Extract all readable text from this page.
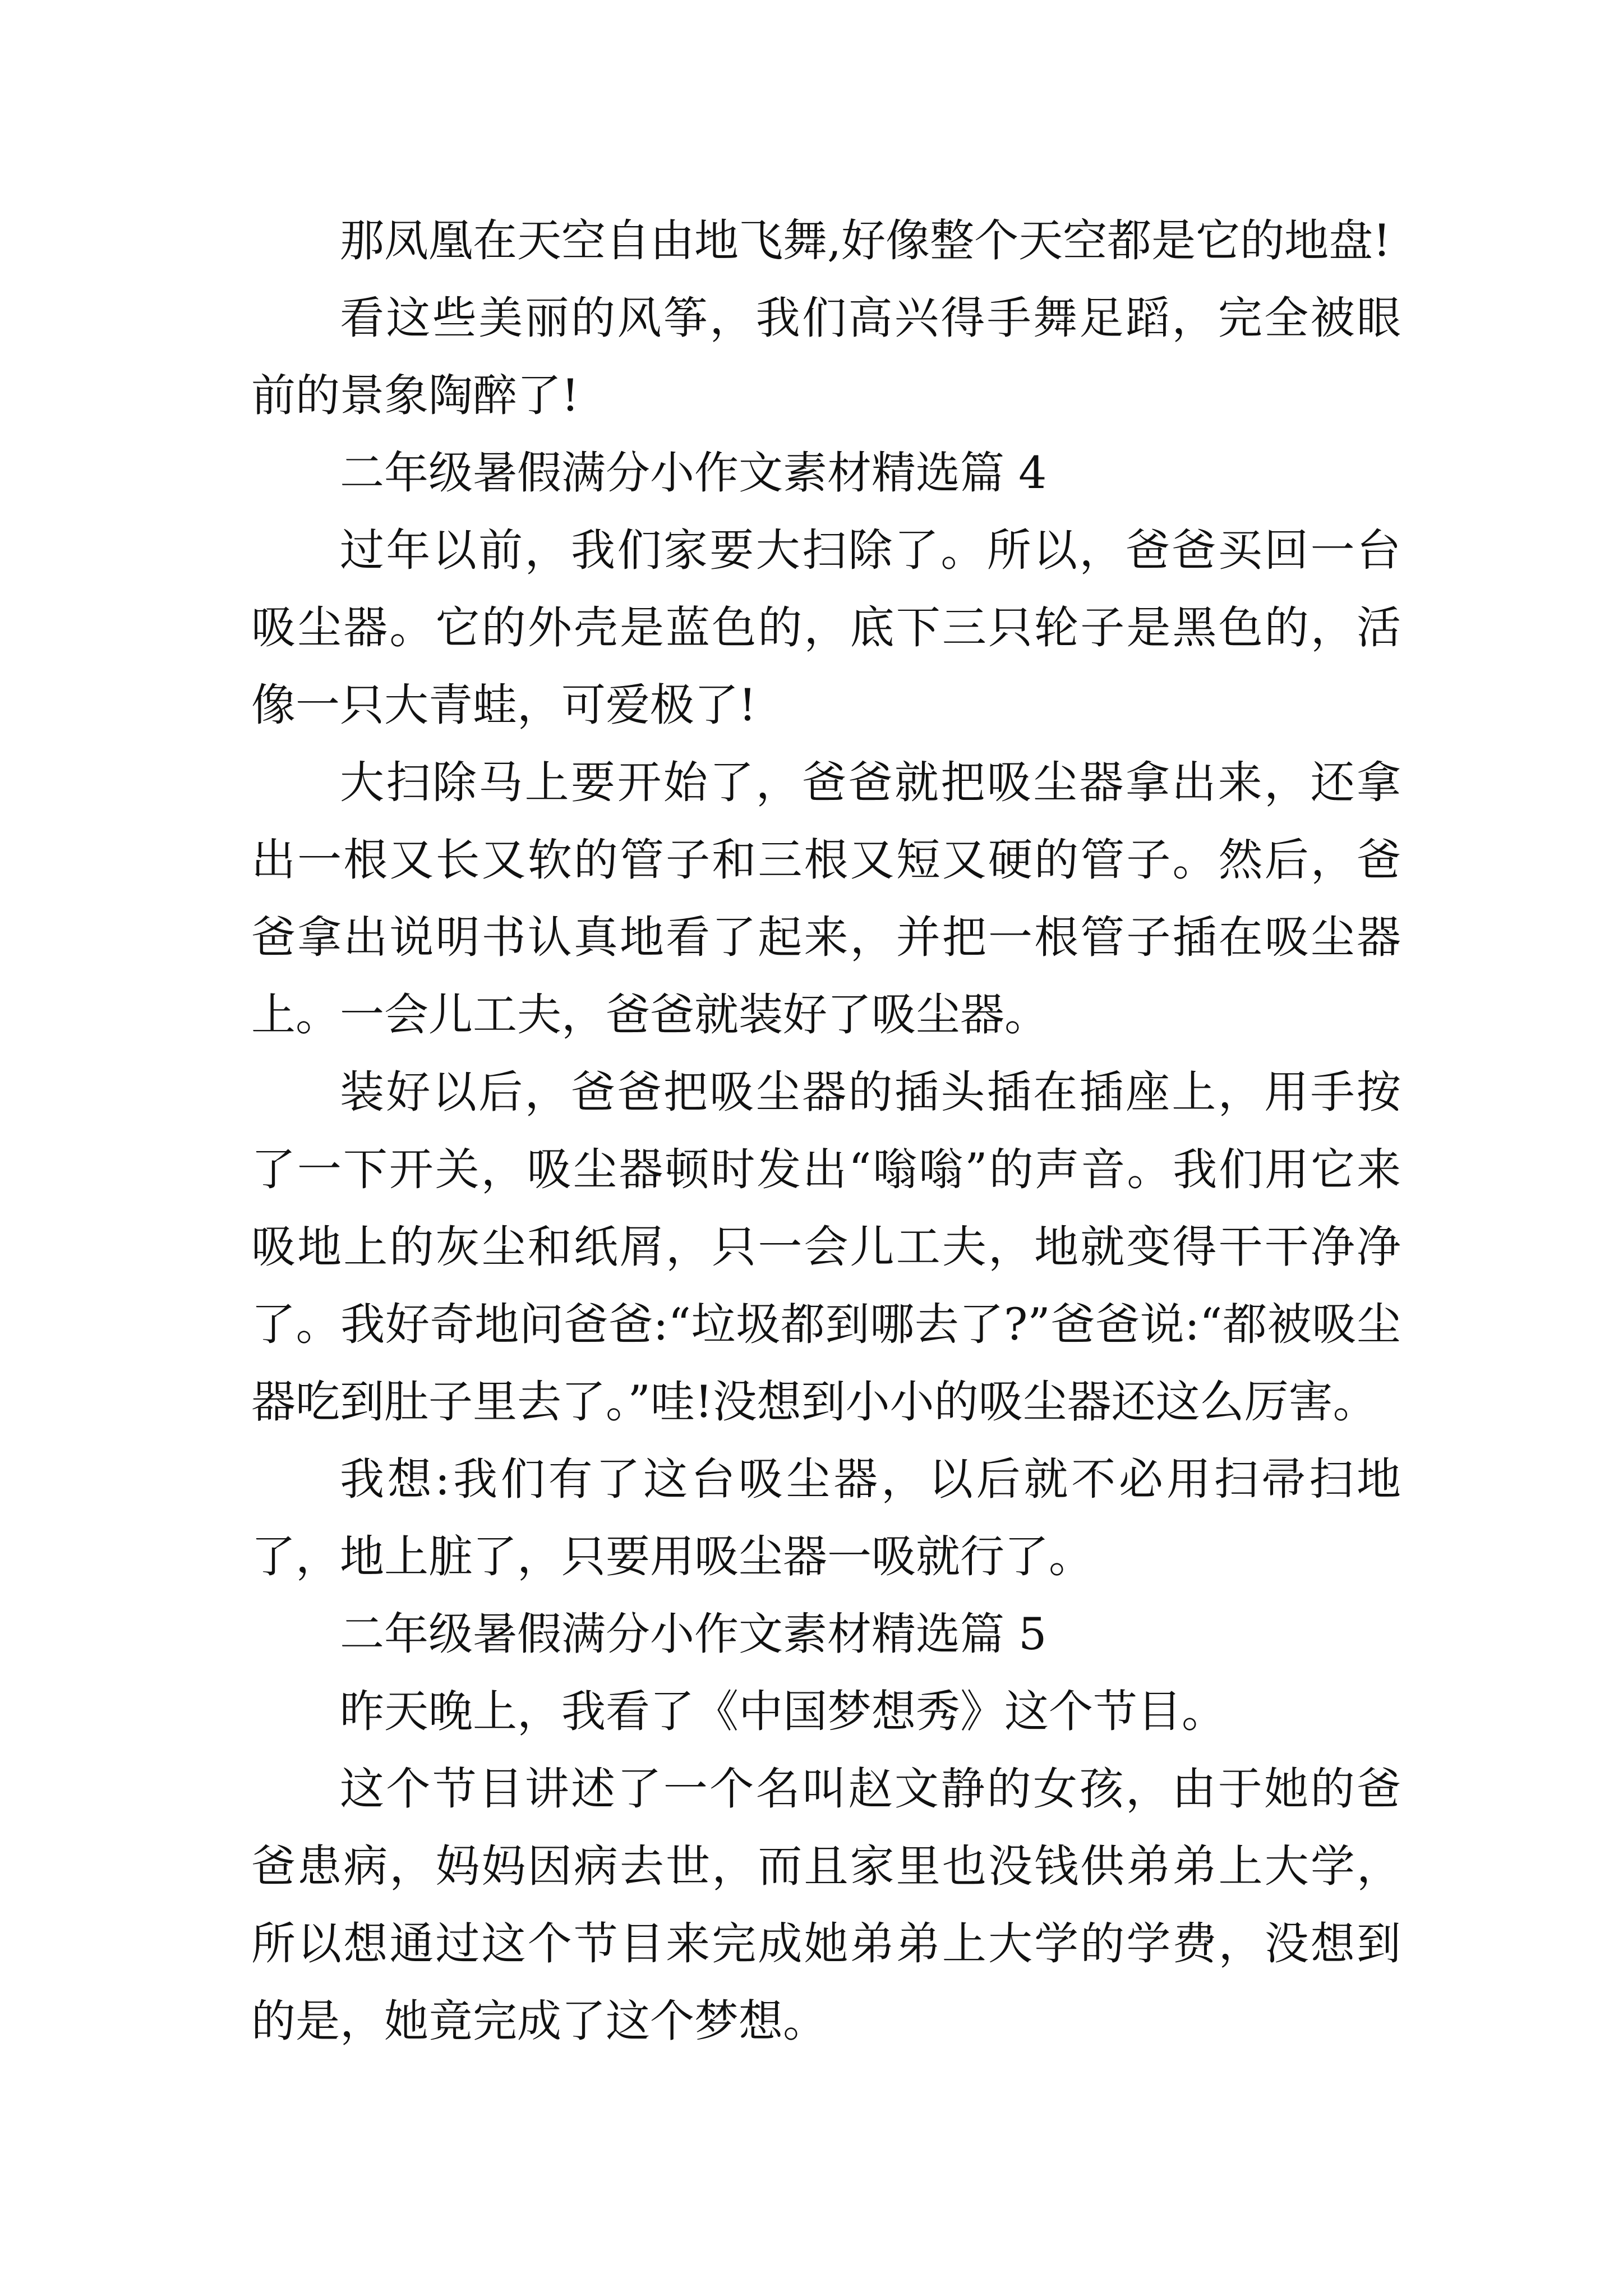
那凤凰在天空自由地飞舞,好像整个天空都是它的地盘!

看这些美丽的风筝，我们高兴得手舞足蹈，完全被眼前的景象陶醉了!

二年级暑假满分小作文素材精选篇 4

过年以前，我们家要大扫除了。所以，爸爸买回一台吸尘器。它的外壳是蓝色的，底下三只轮子是黑色的，活像一只大青蛙，可爱极了!

大扫除马上要开始了，爸爸就把吸尘器拿出来，还拿出一根又长又软的管子和三根又短又硬的管子。然后，爸爸拿出说明书认真地看了起来，并把一根管子插在吸尘器上。一会儿工夫，爸爸就装好了吸尘器。

装好以后，爸爸把吸尘器的插头插在插座上，用手按了一下开关，吸尘器顿时发出“嗡嗡”的声音。我们用它来吸地上的灰尘和纸屑，只一会儿工夫，地就变得干干净净了。我好奇地问爸爸:“垃圾都到哪去了?”爸爸说:“都被吸尘器吃到肚子里去了。”哇!没想到小小的吸尘器还这么厉害。

我想:我们有了这台吸尘器，以后就不必用扫帚扫地了，地上脏了，只要用吸尘器一吸就行了。

二年级暑假满分小作文素材精选篇 5

昨天晚上，我看了《中国梦想秀》这个节目。

这个节目讲述了一个名叫赵文静的女孩，由于她的爸爸患病，妈妈因病去世，而且家里也没钱供弟弟上大学，所以想通过这个节目来完成她弟弟上大学的学费，没想到的是，她竟完成了这个梦想。
